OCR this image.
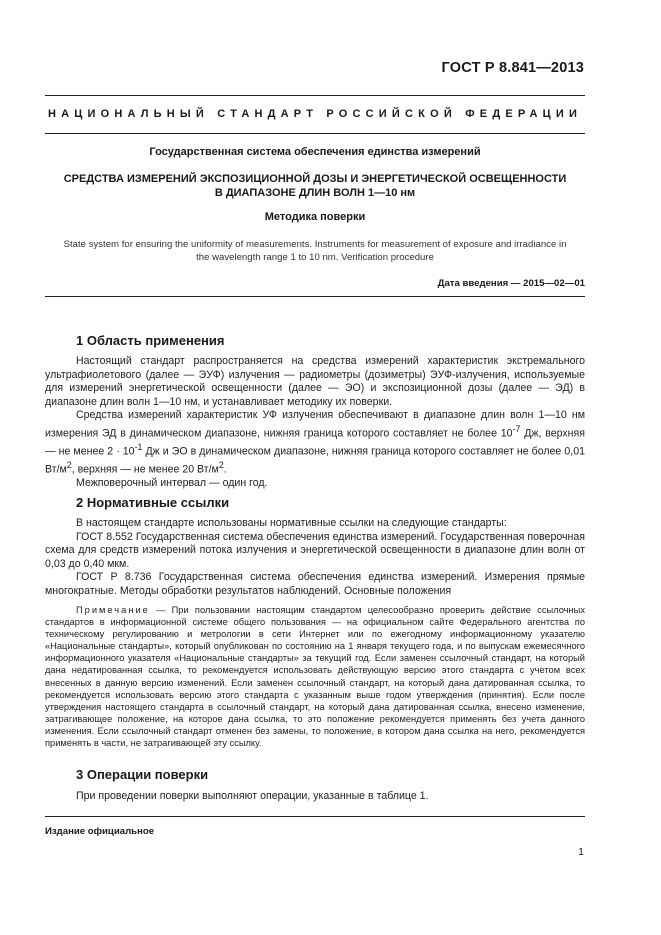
ГОСТ Р 8.841—2013
НАЦИОНАЛЬНЫЙ СТАНДАРТ РОССИЙСКОЙ ФЕДЕРАЦИИ
Государственная система обеспечения единства измерений
СРЕДСТВА ИЗМЕРЕНИЙ ЭКСПОЗИЦИОННОЙ ДОЗЫ И ЭНЕРГЕТИЧЕСКОЙ ОСВЕЩЕННОСТИ
В ДИАПАЗОНЕ ДЛИН ВОЛН 1—10 нм
Методика поверки
State system for ensuring the uniformity of measurements. Instruments for measurement of exposure and irradiance in
the wavelength range 1 to 10 nm. Verification procedure
Дата введения — 2015—02—01
1 Область применения

Настоящий стандарт распространяется на средства измерений характеристик экстремального ультрафиолетового (далее — ЭУФ) излучения — радиометры (дозиметры) ЭУФ-излучения, используемые для измерений энергетической освещенности (далее — ЭО) и экспозиционной дозы (далее — ЭД) в диапазоне длин волн 1—10 нм, и устанавливает методику их поверки.

Средства измерений характеристик УФ излучения обеспечивают в диапазоне длин волн 1—10 нм измерения ЭД в динамическом диапазоне, нижняя граница которого составляет не более $10^{-7}$ Дж, верхняя — не менее $2 \cdot 10^{-1}$ Дж и ЭО в динамическом диапазоне, нижняя граница которого составляет не более 0,01 $Вт/м^2$, верхняя — не менее 20 $Вт/м^2$.

Межповерочный интервал — один год.

2 Нормативные ссылки

В настоящем стандарте использованы нормативные ссылки на следующие стандарты:

ГОСТ 8.552 Государственная система обеспечения единства измерений. Государственная поверочная схема для средств измерений потока излучения и энергетической освещенности в диапазоне длин волн от 0,03 до 0,40 мкм.

ГОСТ Р 8.736 Государственная система обеспечения единства измерений. Измерения прямые многократные. Методы обработки результатов наблюдений. Основные положения

Примечание — При пользовании настоящим стандартом целесообразно проверить действие ссылочных стандартов в информационной системе общего пользования — на официальном сайте Федерального агентства по техническому регулированию и метрологии в сети Интернет или по ежегодному информационному указателю «Национальные стандарты», который опубликован по состоянию на 1 января текущего года, и по выпускам ежемесячного информационного указателя «Национальные стандарты» за текущий год. Если заменен ссылочный стандарт, на который дана недатированная ссылка, то рекомендуется использовать действующую версию этого стандарта с учетом всех внесенных в данную версию изменений. Если заменен ссылочный стандарт, на который дана датированная ссылка, то рекомендуется использовать версию этого стандарта с указанным выше годом утверждения (принятия). Если после утверждения настоящего стандарта в ссылочный стандарт, на который дана датированная ссылка, внесено изменение, затрагивающее положение, на которое дана ссылка, то это положение рекомендуется применять без учета данного изменения. Если ссылочный стандарт отменен без замены, то положение, в котором дана ссылка на него, рекомендуется применять в части, не затрагивающей эту ссылку.

3 Операции поверки

При проведении поверки выполняют операции, указанные в таблице 1.

Издание официальное
1
